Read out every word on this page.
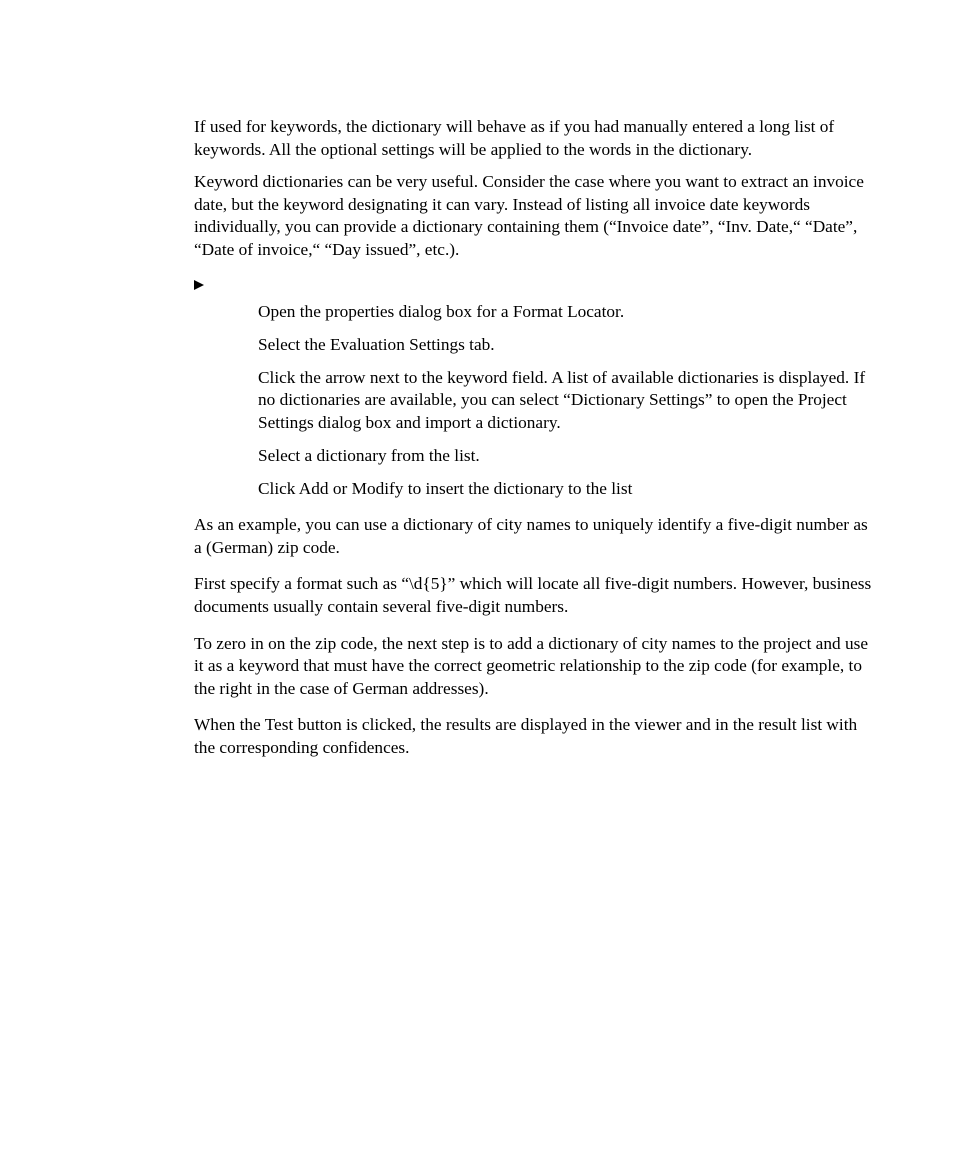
If used for keywords, the dictionary will behave as if you had manually entered a long list of keywords. All the optional settings will be applied to the words in the dictionary.

Keyword dictionaries can be very useful. Consider the case where you want to extract an invoice date, but the keyword designating it can vary. Instead of listing all invoice date keywords individually, you can provide a dictionary containing them (“Invoice date”, “Inv. Date,“ “Date”, “Date of invoice,“ “Day issued”, etc.).

Open the properties dialog box for a Format Locator.
Select the Evaluation Settings tab.
Click the arrow next to the keyword field. A list of available dictionaries is displayed. If no dictionaries are available, you can select “Dictionary Settings” to open the Project Settings dialog box and import a dictionary.
Select a dictionary from the list.
Click Add or Modify to insert the dictionary to the list

As an example, you can use a dictionary of city names to uniquely identify a five-digit number as a (German) zip code.

First specify a format such as “\d{5}” which will locate all five-digit numbers. However, business documents usually contain several five-digit numbers.

To zero in on the zip code, the next step is to add a dictionary of city names to the project and use it as a keyword that must have the correct geometric relationship to the zip code (for example, to the right in the case of German addresses).

When the Test button is clicked, the results are displayed in the viewer and in the result list with the corresponding confidences.
